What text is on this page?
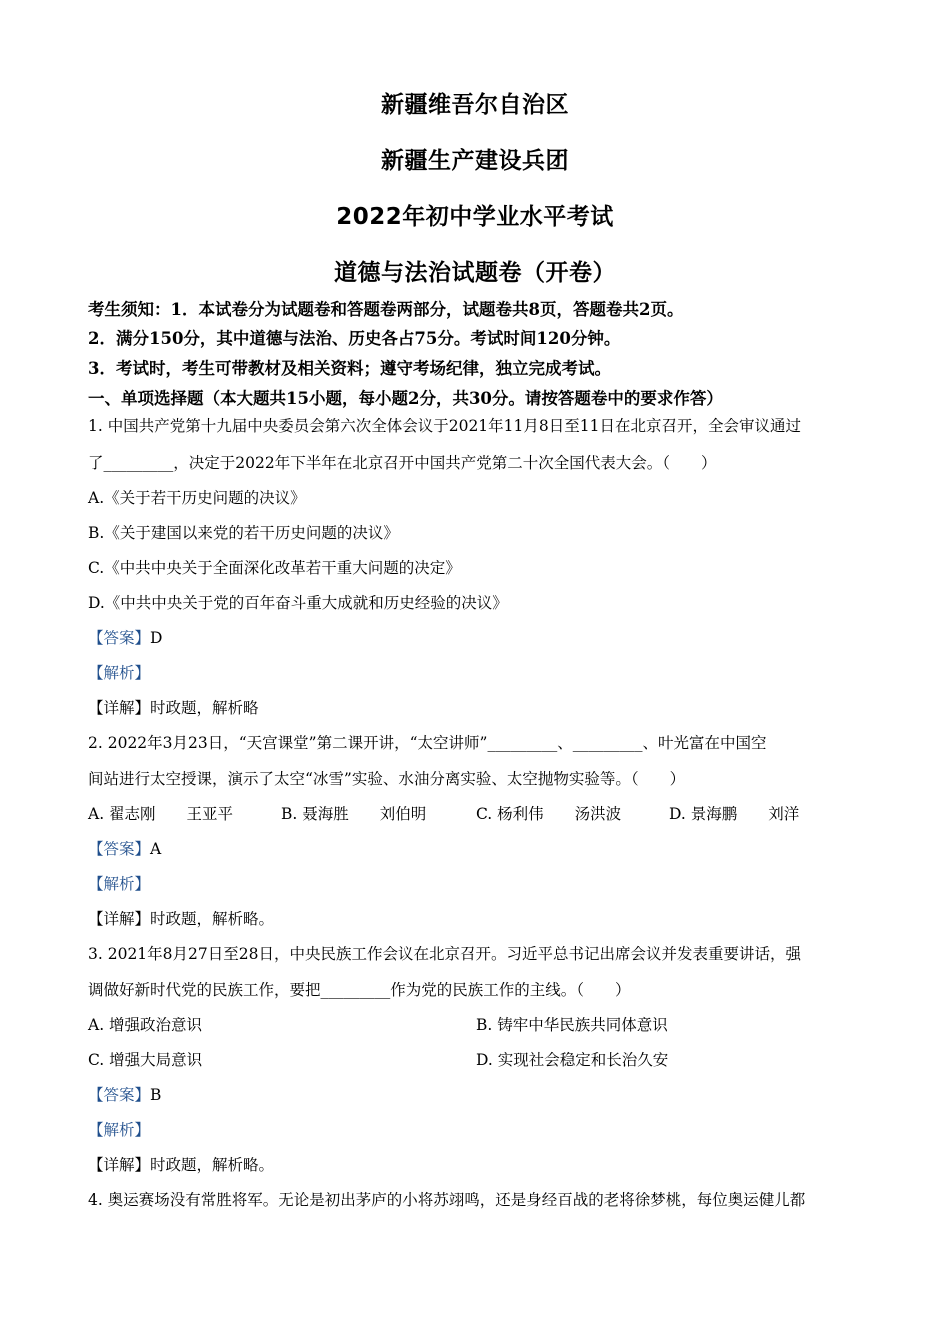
新疆维吾尔自治区
新疆生产建设兵团
2022年初中学业水平考试
道德与法治试题卷（开卷）
考生须知：1．本试卷分为试题卷和答题卷两部分，试题卷共8页，答题卷共2页。
2．满分150分，其中道德与法治、历史各占75分。考试时间120分钟。
3．考试时，考生可带教材及相关资料；遵守考场纪律，独立完成考试。
一、单项选择题（本大题共15小题，每小题2分，共30分。请按答题卷中的要求作答）
1. 中国共产党第十九届中央委员会第六次全体会议于2021年11月8日至11日在北京召开，全会审议通过
了_________，决定于2022年下半年在北京召开中国共产党第二十次全国代表大会。（　　）
A.《关于若干历史问题的决议》
B.《关于建国以来党的若干历史问题的决议》
C.《中共中央关于全面深化改革若干重大问题的决定》
D.《中共中央关于党的百年奋斗重大成就和历史经验的决议》
【答案】D
【解析】
【详解】时政题，解析略
2. 2022年3月23日，“天宫课堂”第二课开讲，“太空讲师”_________、_________、叶光富在中国空
间站进行太空授课，演示了太空“冰雪”实验、水油分离实验、太空抛物实验等。（　　）
A. 翟志刚　　王亚平	B. 聂海胜　　刘伯明	C. 杨利伟　　汤洪波	D. 景海鹏　　刘洋
【答案】A
【解析】
【详解】时政题，解析略。
3. 2021年8月27日至28日，中央民族工作会议在北京召开。习近平总书记出席会议并发表重要讲话，强
调做好新时代党的民族工作，要把_________作为党的民族工作的主线。（　　）
A. 增强政治意识	B. 铸牢中华民族共同体意识
C. 增强大局意识	D. 实现社会稳定和长治久安
【答案】B
【解析】
【详解】时政题，解析略。
4. 奥运赛场没有常胜将军。无论是初出茅庐的小将苏翊鸣，还是身经百战的老将徐梦桃，每位奥运健儿都
